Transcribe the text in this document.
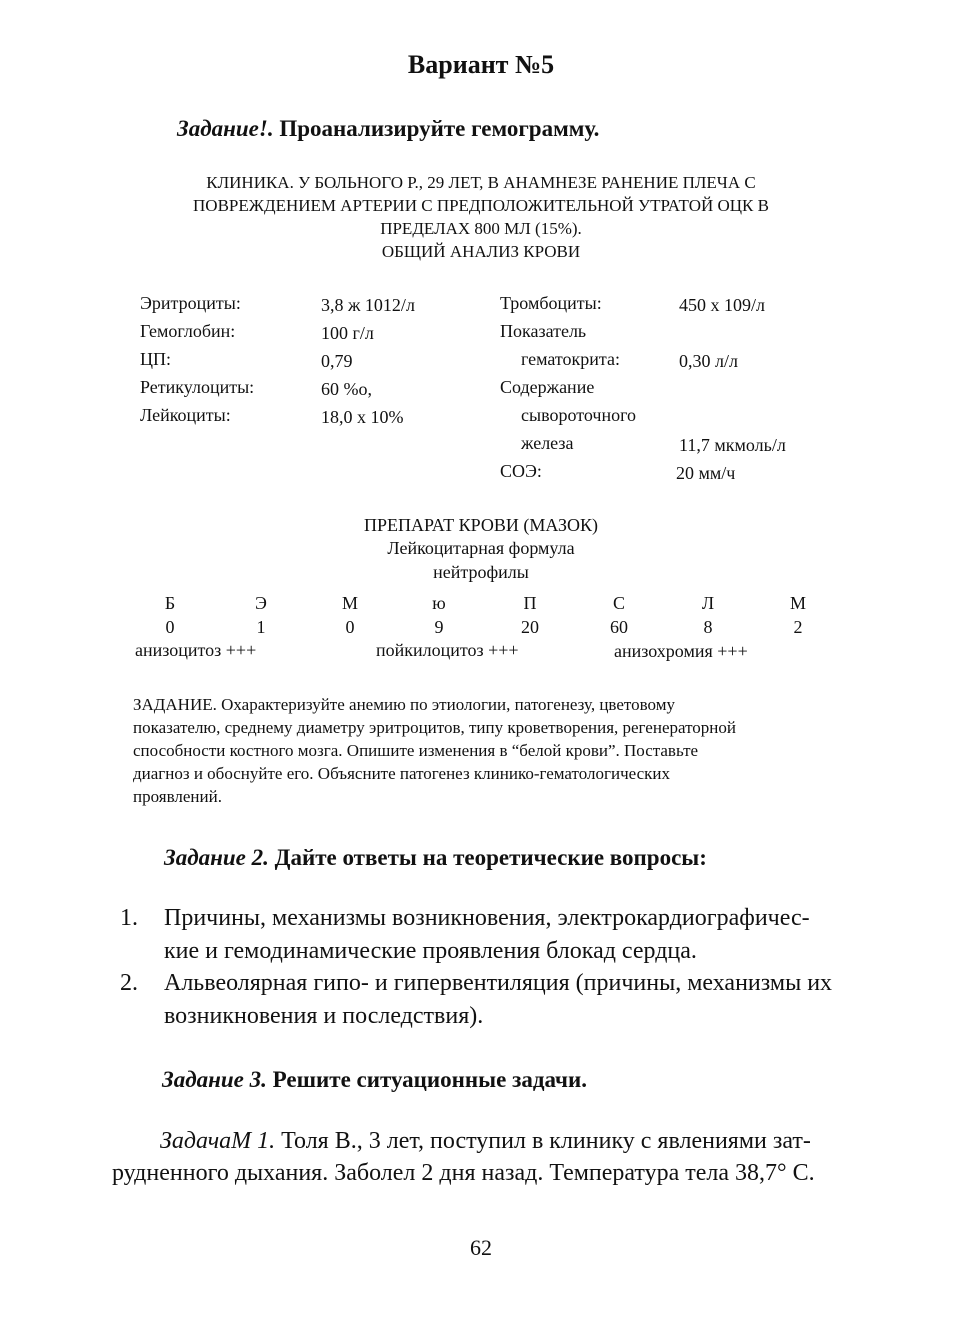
Вариант №5
Задание!. Проанализируйте гемограмму.
КЛИНИКА. У БОЛЬНОГО Р., 29 ЛЕТ, В АНАМНЕЗЕ РАНЕНИЕ ПЛЕЧА С
ПОВРЕЖДЕНИЕМ АРТЕРИИ С ПРЕДПОЛОЖИТЕЛЬНОЙ УТРАТОЙ ОЦК В
ПРЕДЕЛАХ 800 МЛ (15%).
ОБЩИЙ АНАЛИЗ КРОВИ
Эритроциты:	3,8 ж 1012/л
Гемоглобин:	100 г/л
ЦП:	0,79
Ретикулоциты:	60 %о,
Лейкоциты:	18,0 х 10%
Тромбоциты:	450 х 109/л
Показатель
гематокрита:	0,30 л/л
Содержание
сывороточного
железа	11,7 мкмоль/л
СОЭ:	20 мм/ч
ПРЕПАРАТ КРОВИ (МАЗОК)
Лейкоцитарная формула
нейтрофилы
Б	Э	М	ю	П	С	Л	М
0	1	0	9	20	60	8	2
анизоцитоз +++	пойкилоцитоз +++	анизохромия +++
ЗАДАНИЕ. Охарактеризуйте анемию по этиологии, патогенезу, цветовому
показателю, среднему диаметру эритроцитов, типу кроветворения, регенераторной
способности костного мозга. Опишите изменения в “белой крови”. Поставьте
диагноз и обоснуйте его. Объясните патогенез клинико-гематологических
проявлений.
Задание 2. Дайте ответы на теоретические вопросы:
1. Причины, механизмы возникновения, электрокардиографичес-
кие и гемодинамические проявления блокад сердца.
2. Альвеолярная гипо- и гипервентиляция (причины, механизмы их
возникновения и последствия).
Задание 3. Решите ситуационные задачи.
ЗадачаМ 1. Толя В., 3 лет, поступил в клинику с явлениями зат-
рудненного дыхания. Заболел 2 дня назад. Температура тела 38,7° С.
62
